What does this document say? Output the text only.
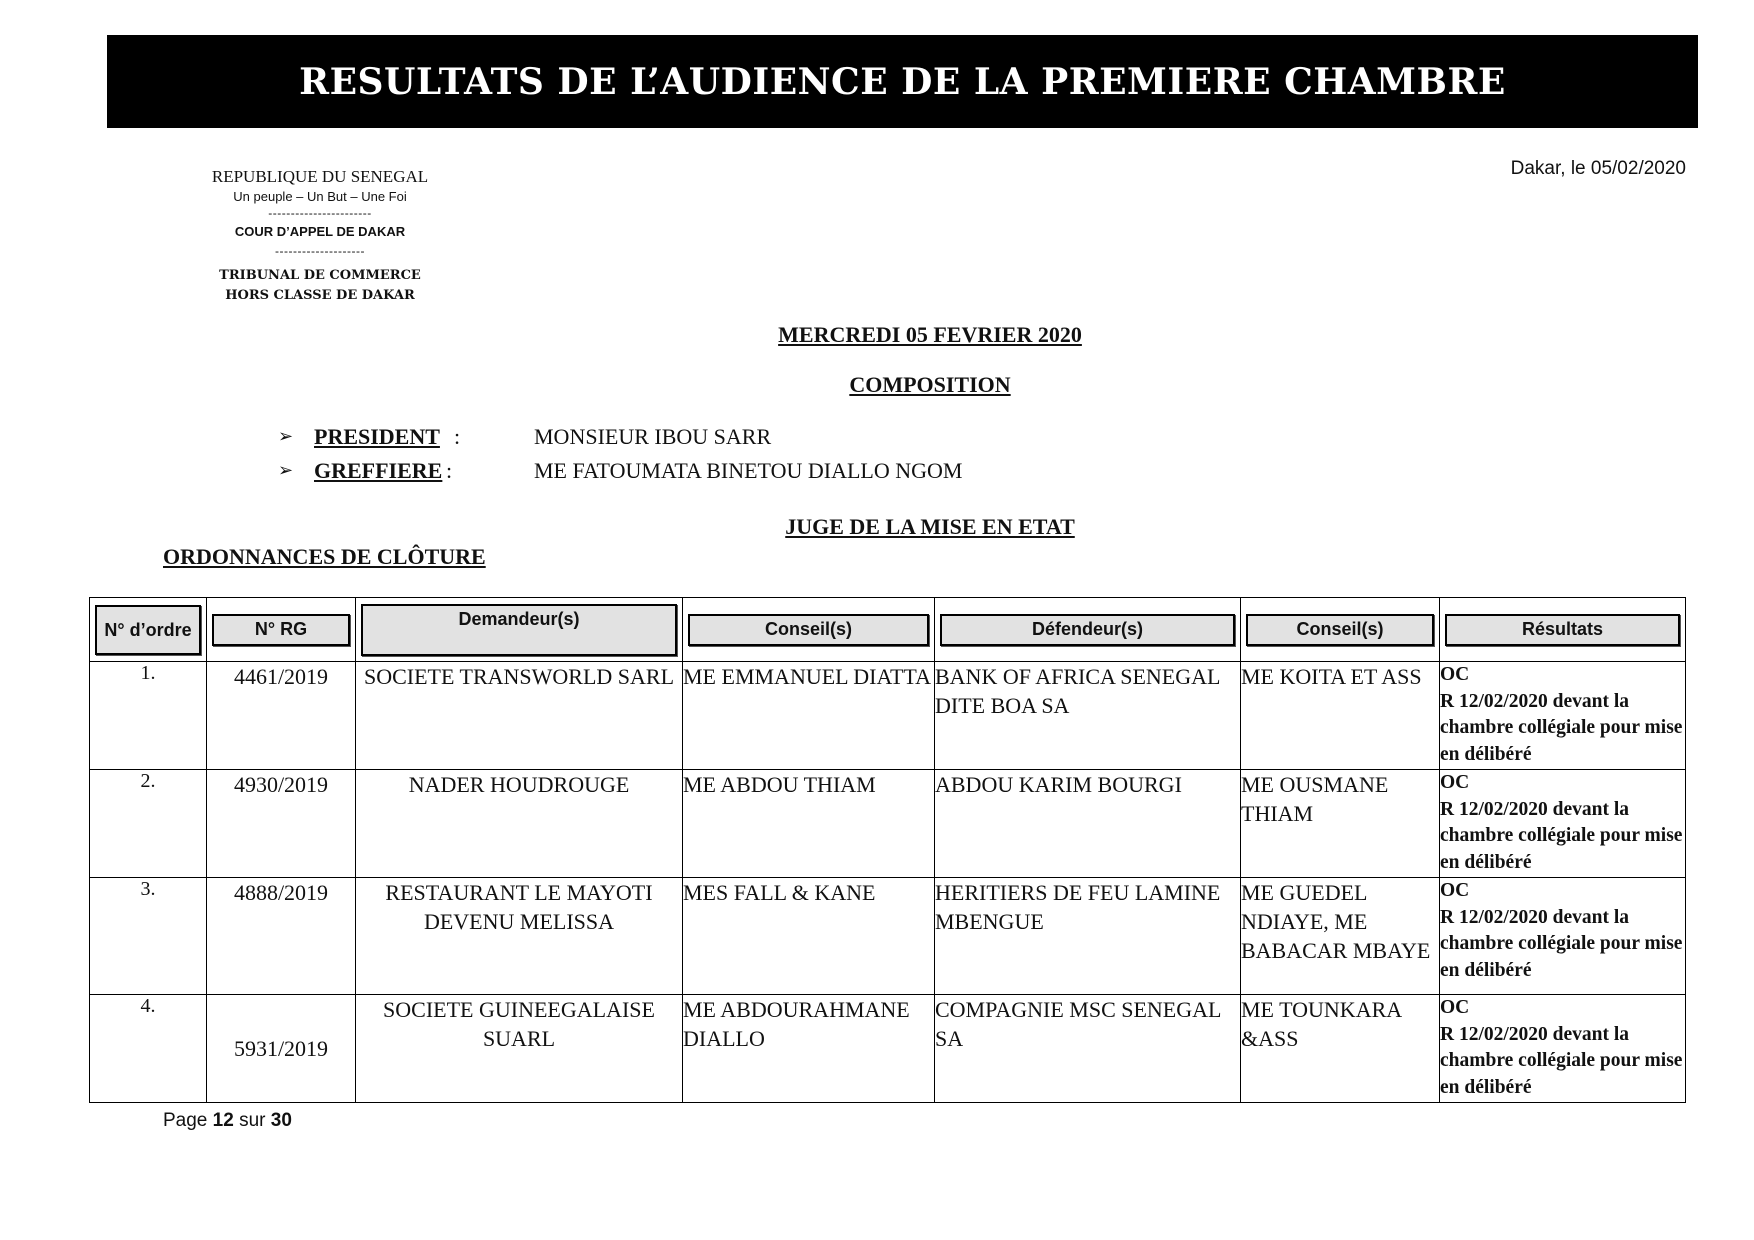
RESULTATS DE L’AUDIENCE DE LA PREMIERE CHAMBRE
REPUBLIQUE DU SENEGAL
Un peuple – Un But – Une Foi
-----------------------
COUR D’APPEL DE DAKAR
--------------------
TRIBUNAL DE COMMERCE
HORS CLASSE DE DAKAR
Dakar, le 05/02/2020
MERCREDI 05 FEVRIER 2020
COMPOSITION
➢ PRESIDENT :	MONSIEUR IBOU SARR
➢ GREFFIERE :	ME FATOUMATA BINETOU DIALLO NGOM
JUGE DE LA MISE EN ETAT
ORDONNANCES DE CLÔTURE
N° d’ordre	N° RG	Demandeur(s)	Conseil(s)	Défendeur(s)	Conseil(s)	Résultats

1.	4461/2019	SOCIETE TRANSWORLD SARL	ME EMMANUEL DIATTA	BANK OF AFRICA SENEGAL DITE BOA SA	ME KOITA ET ASS	OC
R 12/02/2020 devant la chambre collégiale pour mise en délibéré

2.	4930/2019	NADER HOUDROUGE	ME ABDOU THIAM	ABDOU KARIM BOURGI	ME OUSMANE THIAM	OC
R 12/02/2020 devant la chambre collégiale pour mise en délibéré

3.	4888/2019	RESTAURANT LE MAYOTI DEVENU MELISSA	MES FALL & KANE	HERITIERS DE FEU LAMINE MBENGUE	ME GUEDEL NDIAYE, ME BABACAR MBAYE	OC
R 12/02/2020 devant la chambre collégiale pour mise en délibéré

4.	5931/2019	SOCIETE GUINEEGALAISE SUARL	ME ABDOURAHMANE DIALLO	COMPAGNIE MSC SENEGAL SA	ME TOUNKARA &ASS	OC
R 12/02/2020 devant la chambre collégiale pour mise en délibéré
Page 12 sur 30
